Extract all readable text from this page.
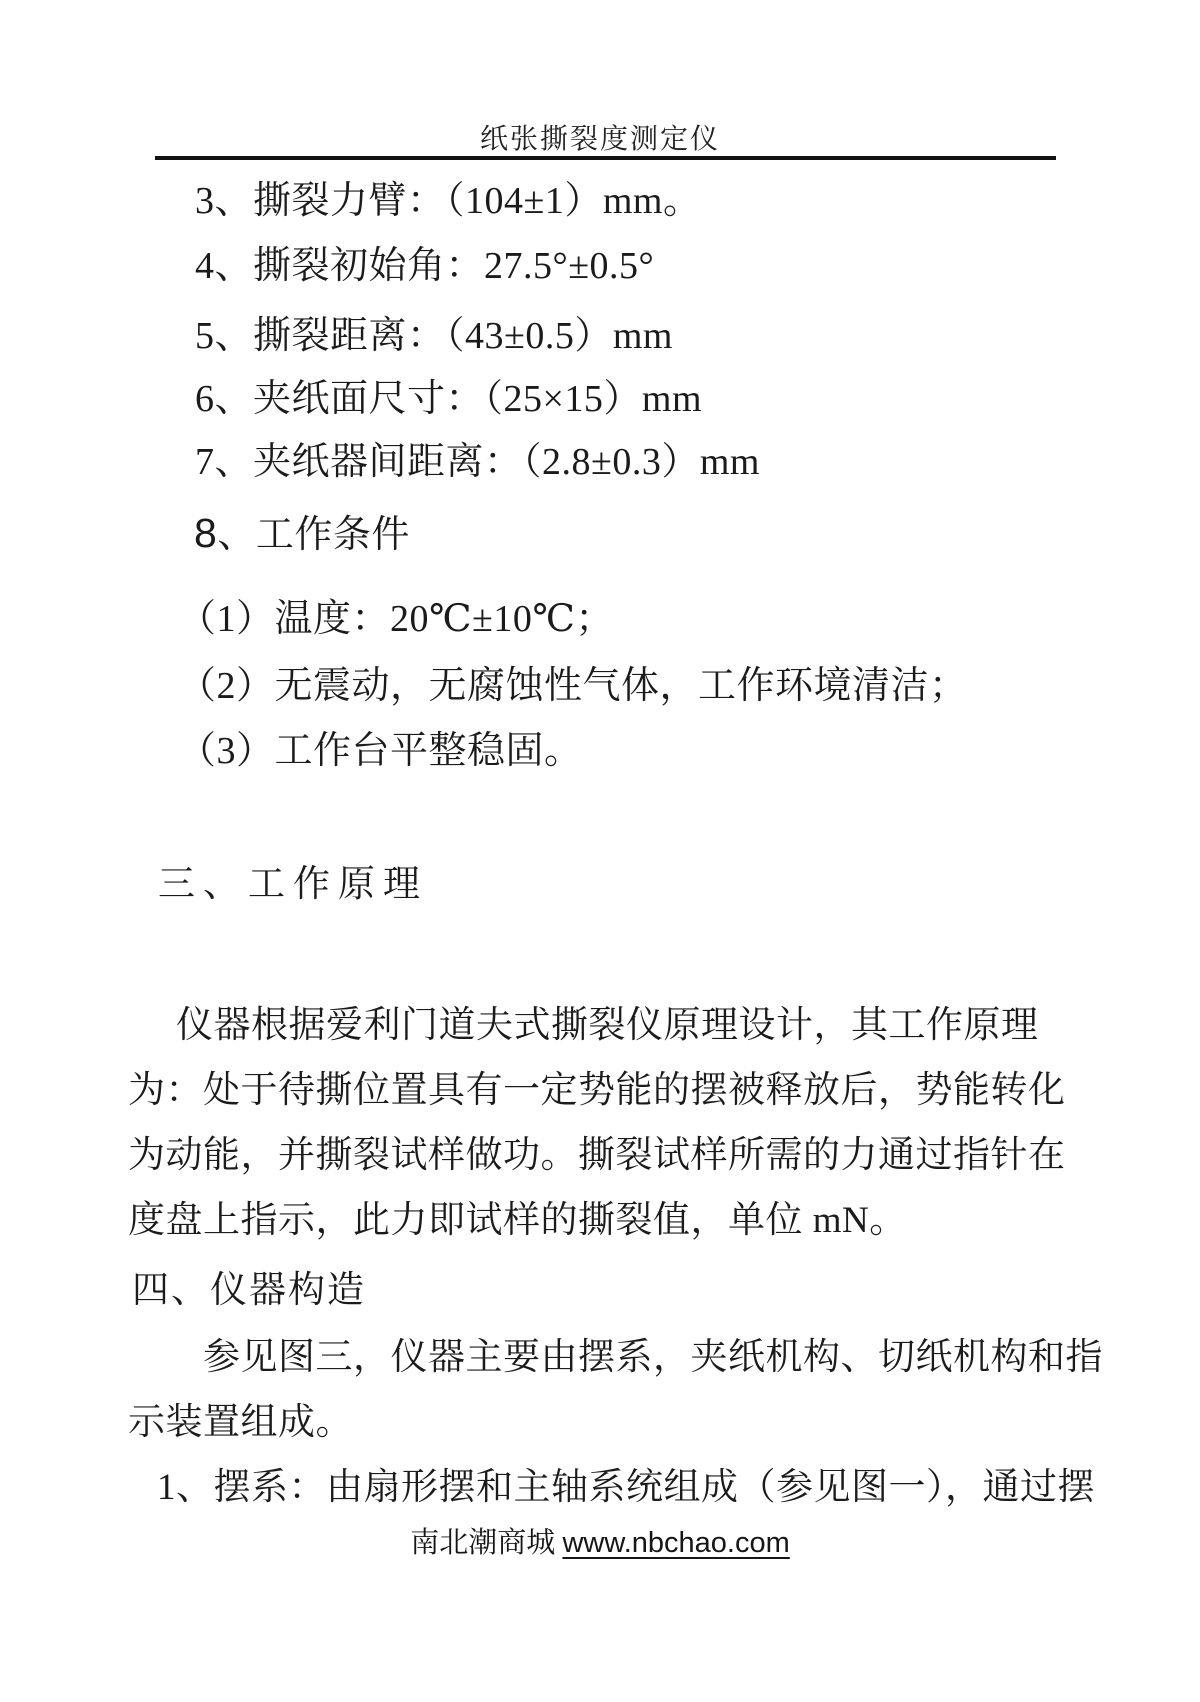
纸张撕裂度测定仪
3、撕裂力臂：（104±1）mm。
4、撕裂初始角：27.5°±0.5°
5、撕裂距离：（43±0.5）mm
6、夹纸面尺寸：（25×15）mm
7、夹纸器间距离：（2.8±0.3）mm
8、工作条件
（1）温度：20℃±10℃；
（2）无震动，无腐蚀性气体，工作环境清洁；
（3）工作台平整稳固。
三、工作原理
仪器根据爱利门道夫式撕裂仪原理设计，其工作原理
为：处于待撕位置具有一定势能的摆被释放后，势能转化
为动能，并撕裂试样做功。撕裂试样所需的力通过指针在
度盘上指示，此力即试样的撕裂值，单位 mN。
四、仪器构造
参见图三，仪器主要由摆系，夹纸机构、切纸机构和指
示装置组成。
1、摆系：由扇形摆和主轴系统组成（参见图一），通过摆
南北潮商城 www.nbchao.com
